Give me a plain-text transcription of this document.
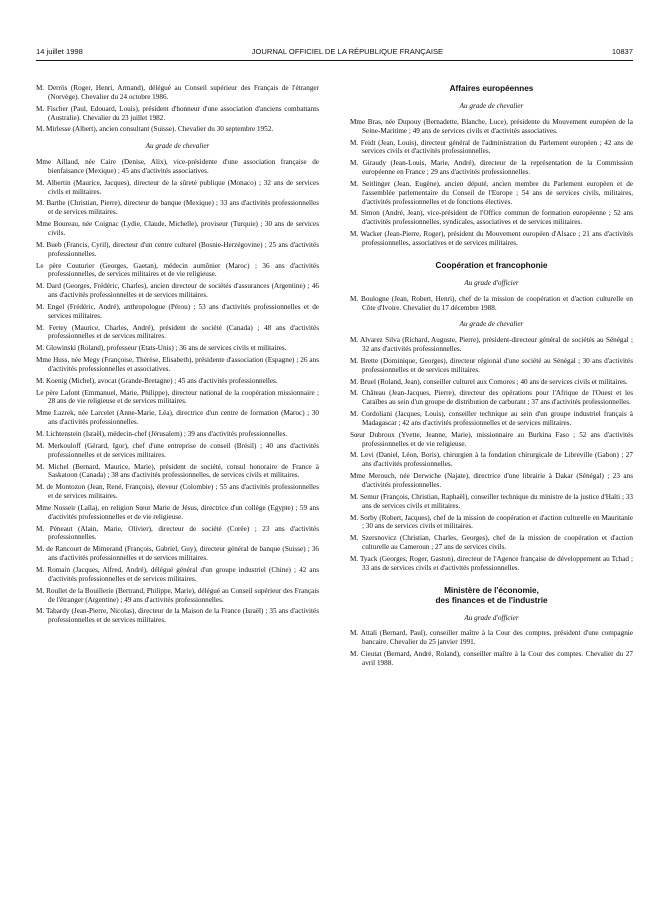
14 juillet 1998	JOURNAL OFFICIEL DE LA RÉPUBLIQUE FRANÇAISE	10837

M. Derrös (Roger, Henri, Armand), délégué au Conseil supérieur des Français de l'étranger (Norvège). Chevalier du 24 octobre 1986.

M. Fischer (Paul, Edouard, Louis), président d'honneur d'une association d'anciens combattants (Australie). Chevalier du 23 juillet 1982.

M. Mirlesse (Albert), ancien consultant (Suisse). Chevalier du 30 septembre 1952.

Au grade de chevalier

Mme Aillaud, née Caire (Denise, Alix), vice-présidente d'une association française de bienfaisance (Mexique) ; 45 ans d'activités associatives.

M. Albertin (Maurice, Jacques), directeur de la sûreté publique (Monaco) ; 32 ans de services civils et militaires.

M. Barthe (Christian, Pierre), directeur de banque (Mexique) ; 33 ans d'activités professionnelles et de services militaires.

Mme Boureau, née Coignac (Lydie, Claude, Michelle), proviseur (Turquie) ; 30 ans de services civils.

M. Bueb (Francis, Cyril), directeur d'un centre culturel (Bosnie-Herzégovine) ; 25 ans d'activités professionnelles.

Le père Couturier (Georges, Gaetan), médecin aumônier (Maroc) ; 36 ans d'activités professionnelles, de services militaires et de vie religieuse.

M. Dard (Georges, Frédéric, Charles), ancien directeur de sociétés d'assurances (Argentine) ; 46 ans d'activités professionnelles et de services militaires.

M. Engel (Frédéric, André), anthropologue (Pérou) ; 53 ans d'activités professionnelles et de services militaires.

M. Fertey (Maurice, Charles, André), président de société (Canada) ; 48 ans d'activités professionnelles et de services militaires.

M. Glowinski (Roland), professeur (Etats-Unis) ; 36 ans de services civils et militaires.

Mme Huss, née Megy (Françoise, Thérèse, Elisabeth), présidente d'association (Espagne) ; 26 ans d'activités professionnelles et associatives.

M. Koenig (Michel), avocat (Grande-Bretagne) ; 45 ans d'activités professionnelles.

Le père Lafont (Emmanuel, Marie, Philippe), directeur national de la coopération missionnaire ; 28 ans de vie religieuse et de services militaires.

Mme Lazrek, née Larcelet (Anne-Marie, Léa), directrice d'un centre de formation (Maroc) ; 30 ans d'activités professionnelles.

M. Lichtenstein (Israël), médecin-chef (Jérusalem) ; 39 ans d'activités professionnelles.

M. Merkouloff (Gérard, Igor), chef d'une entreprise de conseil (Brésil) ; 40 ans d'activités professionnelles et de services militaires.

M. Michel (Bernard, Maurice, Marie), président de société, consul honoraire de France à Saskatoon (Canada) ; 38 ans d'activités professionnelles, de services civils et militaires.

M. de Montozon (Jean, René, François), éleveur (Colombie) ; 55 ans d'activités professionnelles et de services militaires.

Mme Nosseir (Laïla), en religion Sœur Marie de Jésus, directrice d'un collège (Egypte) ; 59 ans d'activités professionnelles et de vie religieuse.

M. Péneaut (Alain, Marie, Olivier), directeur de société (Corée) ; 23 ans d'activités professionnelles.

M. de Rancourt de Mimerand (François, Gabriel, Guy), directeur général de banque (Suisse) ; 36 ans d'activités professionnelles et de services militaires.

M. Romain (Jacques, Alfred, André), délégué général d'un groupe industriel (Chine) ; 42 ans d'activités professionnelles et de services militaires.

M. Roullet de la Bouillerie (Bertrand, Philippe, Marie), délégué au Conseil supérieur des Français de l'étranger (Argentine) ; 49 ans d'activités professionnelles.

M. Tabardy (Jean-Pierre, Nicolas), directeur de la Maison de la France (Israël) ; 35 ans d'activités professionnelles et de services militaires.

Affaires européennes

Au grade de chevalier

Mme Bras, née Dupouy (Bernadette, Blanche, Luce), présidente du Mouvement européen de la Seine-Maritime ; 49 ans de services civils et d'activités associatives.

M. Feidt (Jean, Louis), directeur général de l'administration du Parlement européen ; 42 ans de services civils et d'activités professionnelles.

M. Giraudy (Jean-Louis, Marie, André), directeur de la représentation de la Commission européenne en France ; 29 ans d'activités professionnelles.

M. Seitlinger (Jean, Eugène), ancien député, ancien membre du Parlement européen et de l'assemblée parlementaire du Conseil de l'Europe ; 54 ans de services civils, militaires, d'activités professionnelles et de fonctions électives.

M. Simon (André, Jean), vice-président de l'Office commun de formation européenne ; 52 ans d'activités professionnelles, syndicales, associatives et de services militaires.

M. Wacker (Jean-Pierre, Roger), président du Mouvement européen d'Alsace ; 21 ans d'activités professionnelles, associatives et de services militaires.

Coopération et francophonie

Au grade d'officier

M. Boulogne (Jean, Robert, Henri), chef de la mission de coopération et d'action culturelle en Côte d'Ivoire. Chevalier du 17 décembre 1988.

Au grade de chevalier

M. Alvarez Silva (Richard, Auguste, Pierre), président-directeur général de sociétés au Sénégal ; 32 ans d'activités professionnelles.

M. Brette (Dominique, Georges), directeur régional d'une société au Sénégal ; 30 ans d'activités professionnelles et de services militaires.

M. Bruel (Roland, Jean), conseiller culturel aux Comores ; 40 ans de services civils et militaires.

M. Château (Jean-Jacques, Pierre), directeur des opérations pour l'Afrique de l'Ouest et les Caraïbes au sein d'un groupe de distribution de carburant ; 37 ans d'activités professionnelles.

M. Cordoliani (Jacques, Louis), conseiller technique au sein d'un groupe industriel français à Madagascar ; 42 ans d'activités professionnelles et de services militaires.

Sœur Dubroux (Yvette, Jeanne, Marie), missionnaire au Burkina Faso ; 52 ans d'activités professionnelles et de vie religieuse.

M. Levi (Daniel, Léon, Boris), chirurgien à la fondation chirurgicale de Libreville (Gabon) ; 27 ans d'activités professionnelles.

Mme Merouch, née Derwiche (Najate), directrice d'une librairie à Dakar (Sénégal) ; 23 ans d'activités professionnelles.

M. Semur (François, Christian, Raphaël), conseiller technique du ministre de la justice d'Haïti ; 33 ans de services civils et militaires.

M. Sorby (Robert, Jacques), chef de la mission de coopération et d'action culturelle en Mauritanie ; 30 ans de services civils et militaires.

M. Szersnovicz (Christian, Charles, Georges), chef de la mission de coopération et d'action culturelle au Cameroun ; 27 ans de services civils.

M. Tyack (Georges, Roger, Gaston), directeur de l'Agence française de développement au Tchad ; 33 ans de services civils et d'activités professionnelles.

Ministère de l'économie,

des finances et de l'industrie

Au grade d'officier

M. Attali (Bernard, Paul), conseiller maître à la Cour des comptes, président d'une compagnie bancaire. Chevalier du 25 janvier 1991.

M. Cieutat (Bernard, André, Roland), conseiller maître à la Cour des comptes. Chevalier du 27 avril 1988.
